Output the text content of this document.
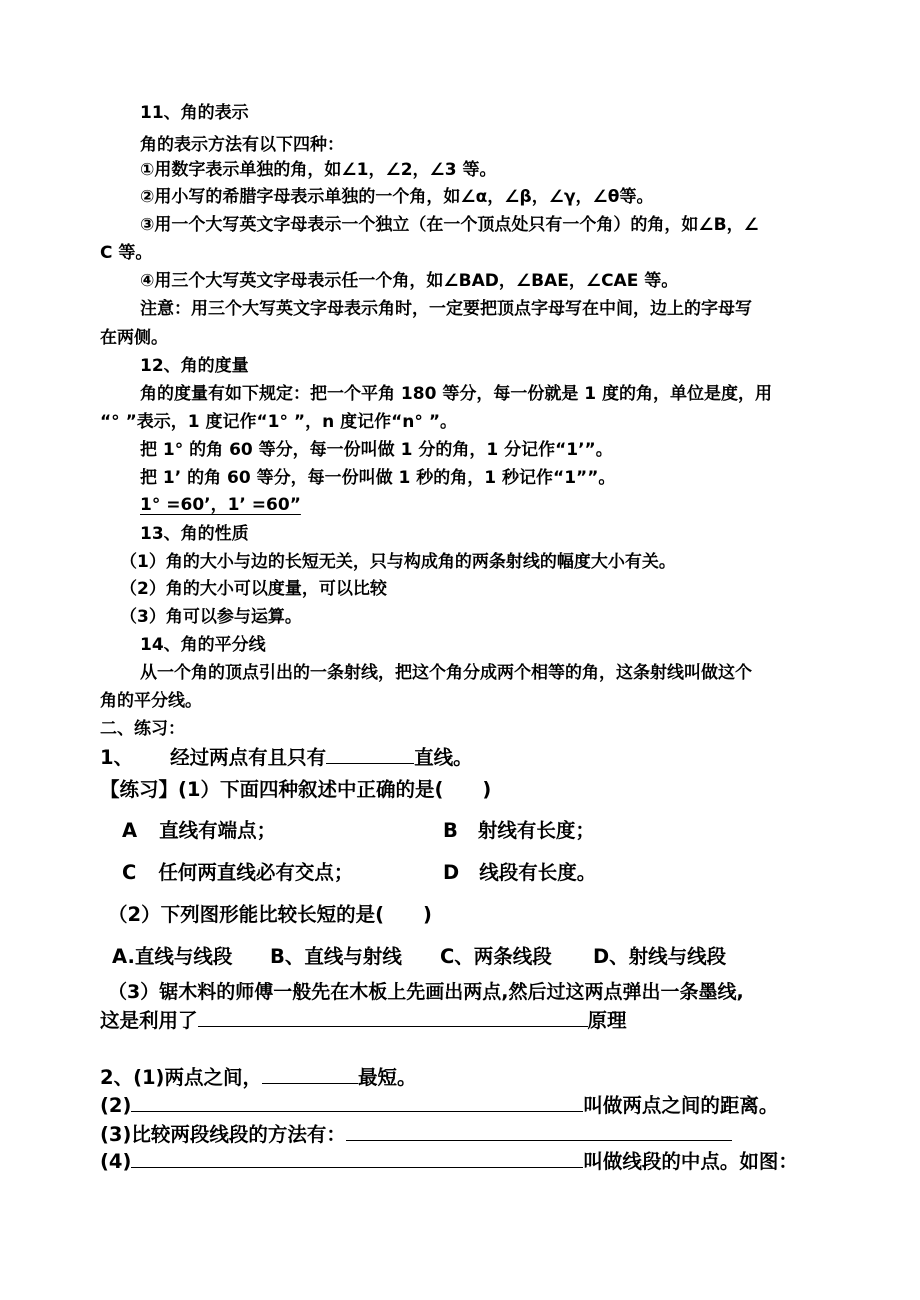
11、角的表示
角的表示方法有以下四种：
①用数字表示单独的角，如∠1，∠2，∠3 等。
②用小写的希腊字母表示单独的一个角，如∠α，∠β，∠γ，∠θ等。
③用一个大写英文字母表示一个独立（在一个顶点处只有一个角）的角，如∠B，∠
C 等。
④用三个大写英文字母表示任一个角，如∠BAD，∠BAE，∠CAE 等。
注意：用三个大写英文字母表示角时，一定要把顶点字母写在中间，边上的字母写
在两侧。
12、角的度量
角的度量有如下规定：把一个平角 180 等分，每一份就是 1 度的角，单位是度，用
“° ”表示，1 度记作“1° ”，n 度记作“n° ”。
把 1° 的角 60 等分，每一份叫做 1 分的角，1 分记作“1’”。
把 1’ 的角 60 等分，每一份叫做 1 秒的角，1 秒记作“1””。
1° =60’，1’ =60”
13、角的性质
（1）角的大小与边的长短无关，只与构成角的两条射线的幅度大小有关。
（2）角的大小可以度量，可以比较
（3）角可以参与运算。
14、角的平分线
从一个角的顶点引出的一条射线，把这个角分成两个相等的角，这条射线叫做这个
角的平分线。
二、练习：
1、 经过两点有且只有	直线。
【练习】(1）下面四种叙述中正确的是(　　)
A 直线有端点；	B 射线有长度；
C 任何两直线必有交点；	D 线段有长度。
（2）下列图形能比较长短的是(　　)
A.直线与线段 B、直线与射线 C、两条线段 D、射线与线段
（3）锯木料的师傅一般先在木板上先画出两点,然后过这两点弹出一条墨线,
这是利用了	原理
2、(1)两点之间，	最短。
(2)	叫做两点之间的距离。
(3)比较两段线段的方法有：
(4)	叫做线段的中点。如图：
